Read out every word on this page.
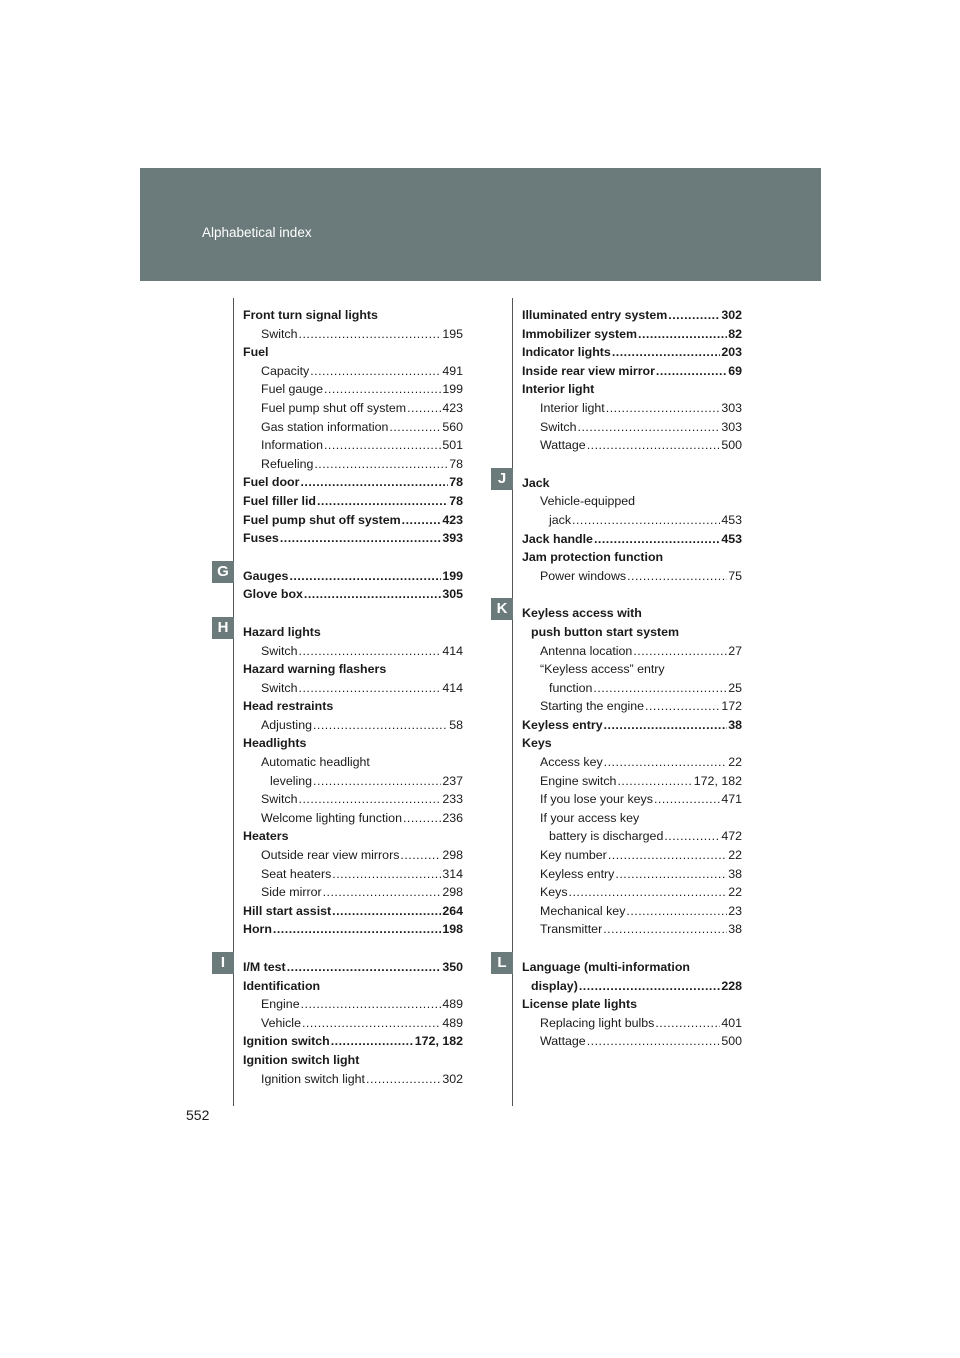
Alphabetical index
Front turn signal lights
Switch .....	195
Fuel
Capacity .....	491
Fuel gauge .....	199
Fuel pump shut off system .....	423
Gas station information .....	560
Information .....	501
Refueling .....	78
Fuel door .....	78
Fuel filler lid .....	78
Fuel pump shut off system .....	423
Fuses .....	393
Gauges .....	199
Glove box .....	305
Hazard lights
Switch .....	414
Hazard warning flashers
Switch .....	414
Head restraints
Adjusting .....	58
Headlights
Automatic headlight
leveling .....	237
Switch .....	233
Welcome lighting function .....	236
Heaters
Outside rear view mirrors .....	298
Seat heaters .....	314
Side mirror .....	298
Hill start assist .....	264
Horn .....	198
I/M test .....	350
Identification
Engine .....	489
Vehicle .....	489
Ignition switch .....	172, 182
Ignition switch light
Ignition switch light .....	302
Illuminated entry system .....	302
Immobilizer system .....	82
Indicator lights .....	203
Inside rear view mirror .....	69
Interior light
Interior light .....	303
Switch .....	303
Wattage .....	500
Jack
Vehicle-equipped
jack .....	453
Jack handle .....	453
Jam protection function
Power windows .....	75
Keyless access with
push button start system
Antenna location .....	27
“Keyless access” entry
function .....	25
Starting the engine .....	172
Keyless entry .....	38
Keys
Access key .....	22
Engine switch .....	172, 182
If you lose your keys .....	471
If your access key
battery is discharged .....	472
Key number .....	22
Keyless entry .....	38
Keys .....	22
Mechanical key .....	23
Transmitter .....	38
Language (multi-information
display) .....	228
License plate lights
Replacing light bulbs .....	401
Wattage .....	500
552
G
H
I
J
K
L
